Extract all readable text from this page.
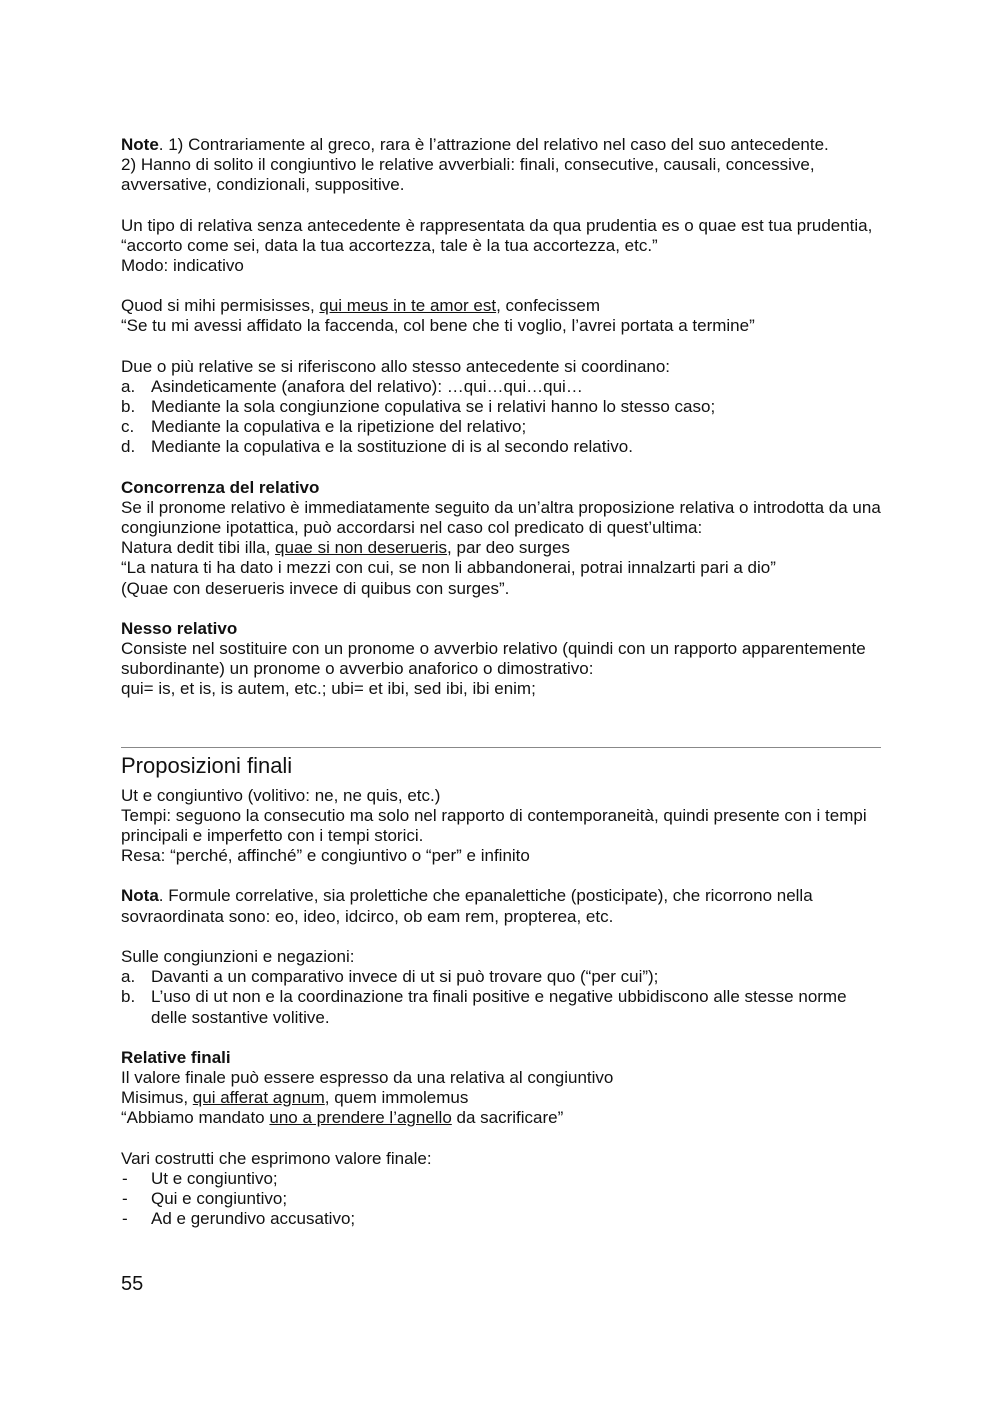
Note. 1) Contrariamente al greco, rara è l’attrazione del relativo nel caso del suo antecedente.

2) Hanno di solito il congiuntivo le relative avverbiali: finali, consecutive, causali, concessive, avversative, condizionali, suppositive.

Un tipo di relativa senza antecedente è rappresentata da qua prudentia es o quae est tua prudentia, “accorto come sei, data la tua accortezza, tale è la tua accortezza, etc.”

Modo: indicativo

Quod si mihi permisisses, qui meus in te amor est, confecissem

“Se tu mi avessi affidato la faccenda, col bene che ti voglio, l’avrei portata a termine”

Due o più relative se si riferiscono allo stesso antecedente si coordinano:

a. Asindeticamente (anafora del relativo): …qui…qui…qui…
b. Mediante la sola congiunzione copulativa se i relativi hanno lo stesso caso;
c. Mediante la copulativa e la ripetizione del relativo;
d. Mediante la copulativa e la sostituzione di is al secondo relativo.

Concorrenza del relativo

Se il pronome relativo è immediatamente seguito da un’altra proposizione relativa o introdotta da una congiunzione ipotattica, può accordarsi nel caso col predicato di quest’ultima:

Natura dedit tibi illa, quae si non deserueris, par deo surges

“La natura ti ha dato i mezzi con cui, se non li abbandonerai, potrai innalzarti pari a dio”

(Quae con deserueris invece di quibus con surges”.

Nesso relativo

Consiste nel sostituire con un pronome o avverbio relativo (quindi con un rapporto apparentemente subordinante) un pronome o avverbio anaforico o dimostrativo:

qui= is, et is, is autem, etc.; ubi= et ibi, sed ibi, ibi enim;

Proposizioni finali

Ut e congiuntivo (volitivo: ne, ne quis, etc.)

Tempi: seguono la consecutio ma solo nel rapporto di contemporaneità, quindi presente con i tempi principali e imperfetto con i tempi storici.

Resa: “perché, affinché” e congiuntivo o “per” e infinito

Nota. Formule correlative, sia prolettiche che epanalettiche (posticipate), che ricorrono nella sovraordinata sono: eo, ideo, idcirco, ob eam rem, propterea, etc.

Sulle congiunzioni e negazioni:

a. Davanti a un comparativo invece di ut si può trovare quo (“per cui”);
b. L’uso di ut non e la coordinazione tra finali positive e negative ubbidiscono alle stesse norme delle sostantive volitive.

Relative finali

Il valore finale può essere espresso da una relativa al congiuntivo

Misimus, qui afferat agnum, quem immolemus

“Abbiamo mandato uno a prendere l’agnello da sacrificare”

Vari costrutti che esprimono valore finale:

- Ut e congiuntivo;
- Qui e congiuntivo;
- Ad e gerundivo accusativo;

55
